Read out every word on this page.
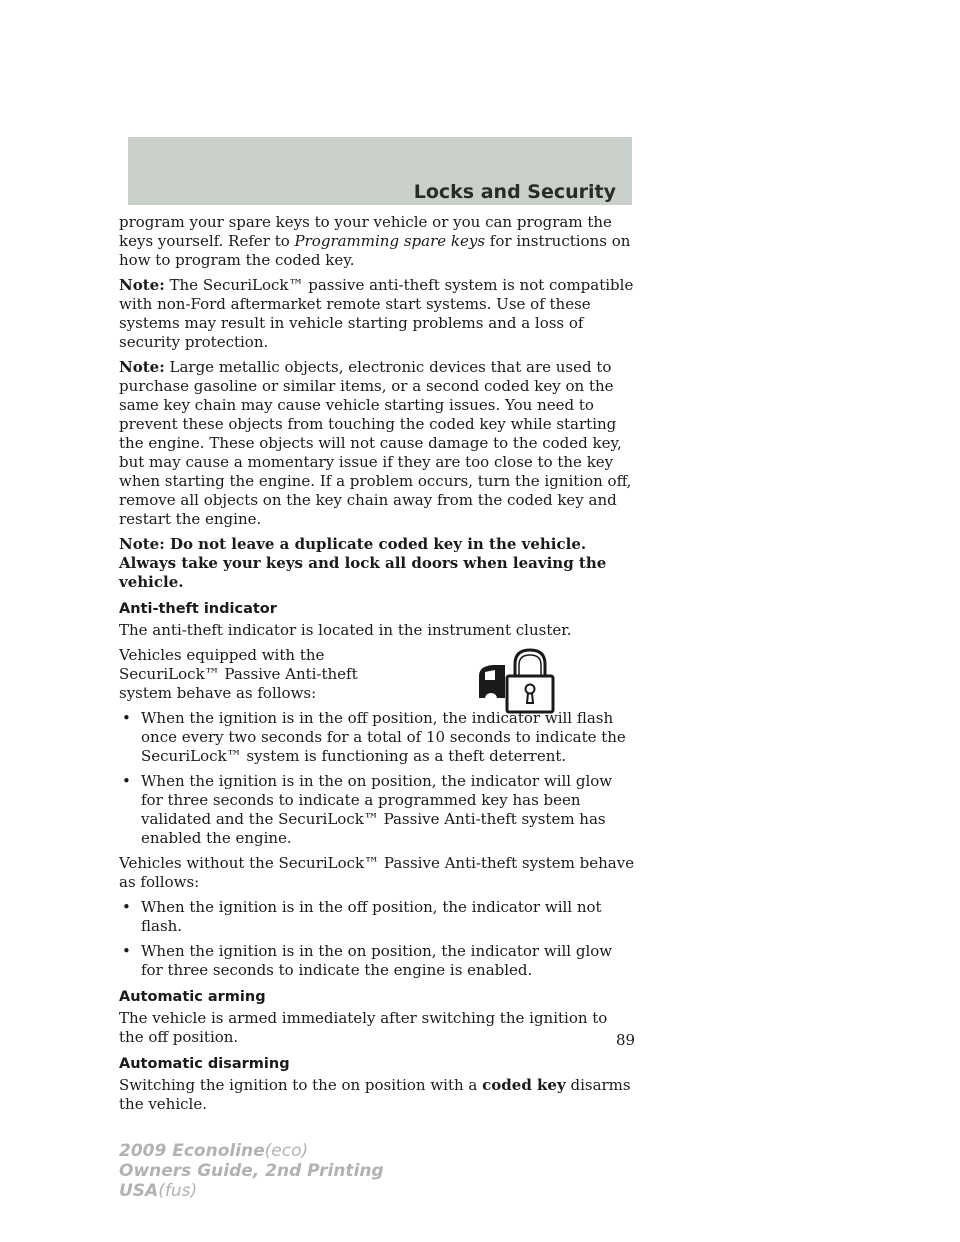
Locks and Security

program your spare keys to your vehicle or you can program the keys yourself. Refer to Programming spare keys for instructions on how to program the coded key.

Note: The SecuriLock™ passive anti-theft system is not compatible with non-Ford aftermarket remote start systems. Use of these systems may result in vehicle starting problems and a loss of security protection.

Note: Large metallic objects, electronic devices that are used to purchase gasoline or similar items, or a second coded key on the same key chain may cause vehicle starting issues. You need to prevent these objects from touching the coded key while starting the engine. These objects will not cause damage to the coded key, but may cause a momentary issue if they are too close to the key when starting the engine. If a problem occurs, turn the ignition off, remove all objects on the key chain away from the coded key and restart the engine.

Note: Do not leave a duplicate coded key in the vehicle. Always take your keys and lock all doors when leaving the vehicle.

Anti-theft indicator

The anti-theft indicator is located in the instrument cluster.

Vehicles equipped with the SecuriLock™ Passive Anti-theft system behave as follows:

• When the ignition is in the off position, the indicator will flash once every two seconds for a total of 10 seconds to indicate the SecuriLock™ system is functioning as a theft deterrent.
• When the ignition is in the on position, the indicator will glow for three seconds to indicate a programmed key has been validated and the SecuriLock™ Passive Anti-theft system has enabled the engine.

Vehicles without the SecuriLock™ Passive Anti-theft system behave as follows:

• When the ignition is in the off position, the indicator will not flash.
• When the ignition is in the on position, the indicator will glow for three seconds to indicate the engine is enabled.
Automatic arming

The vehicle is armed immediately after switching the ignition to the off position.

Automatic disarming

Switching the ignition to the on position with a coded key disarms the vehicle.

89
2009 Econoline(eco)
Owners Guide, 2nd Printing
USA(fus)
